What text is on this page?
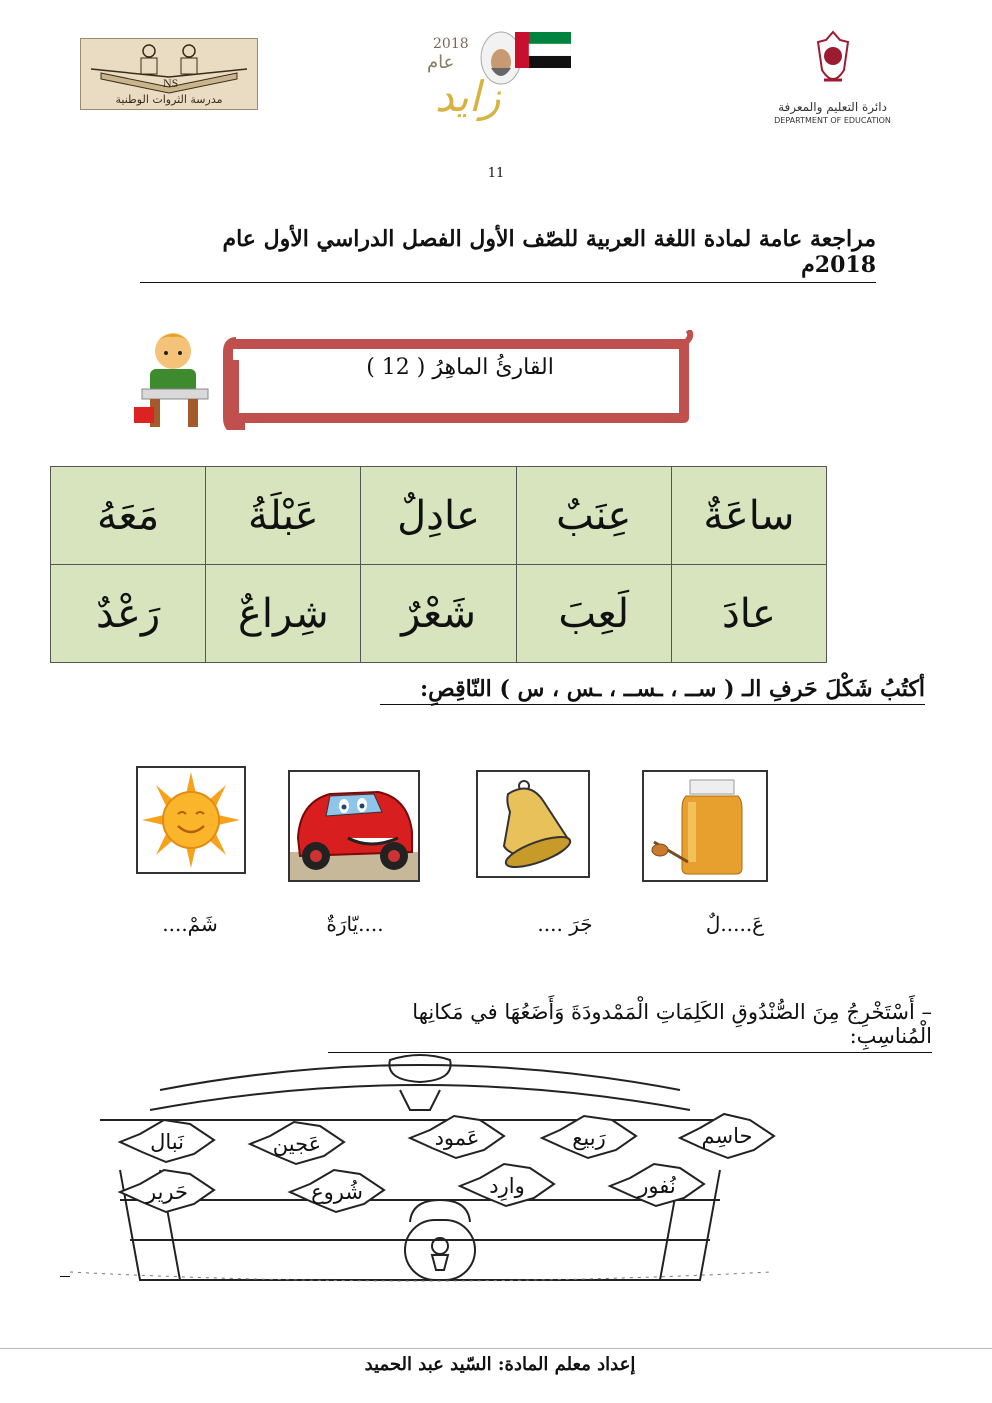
NS
مدرسة الثروات الوطنية
2018
عام
زايد	دائرة التعليم والمعرفة
DEPARTMENT OF EDUCATION
11
مراجعة عامة لمادة اللغة العربية للصّف الأول الفصل الدراسي الأول عام 2018م
القارئُ الماهِرُ ( 12 )
ساعَةٌ	عِنَبٌ	عادِلٌ	عَبْلَةُ	مَعَهُ
عادَ	لَعِبَ	شَعْرٌ	شِراعٌ	رَعْدٌ
أكتُبُ شَكْلَ حَرفِ الـ ( ســ ، ـســ ، ـس ، س ) النّاقِصِ:
عَ.....لٌ
جَرَ ....
....يّارَةٌ
شَمْ....
– أَسْتَخْرِجُ مِنَ الصُّنْدُوقِ الكَلِمَاتِ الْمَمْدودَةَ وَأَضَعُهَا في مَكانِها الْمُناسِبِ:
حاسِم
رَبيع
عَمود
عَجين
نَبال
نُفور
وارِد
شُروع
حَرير
إعداد معلم المادة: السّيد عبد الحميد
